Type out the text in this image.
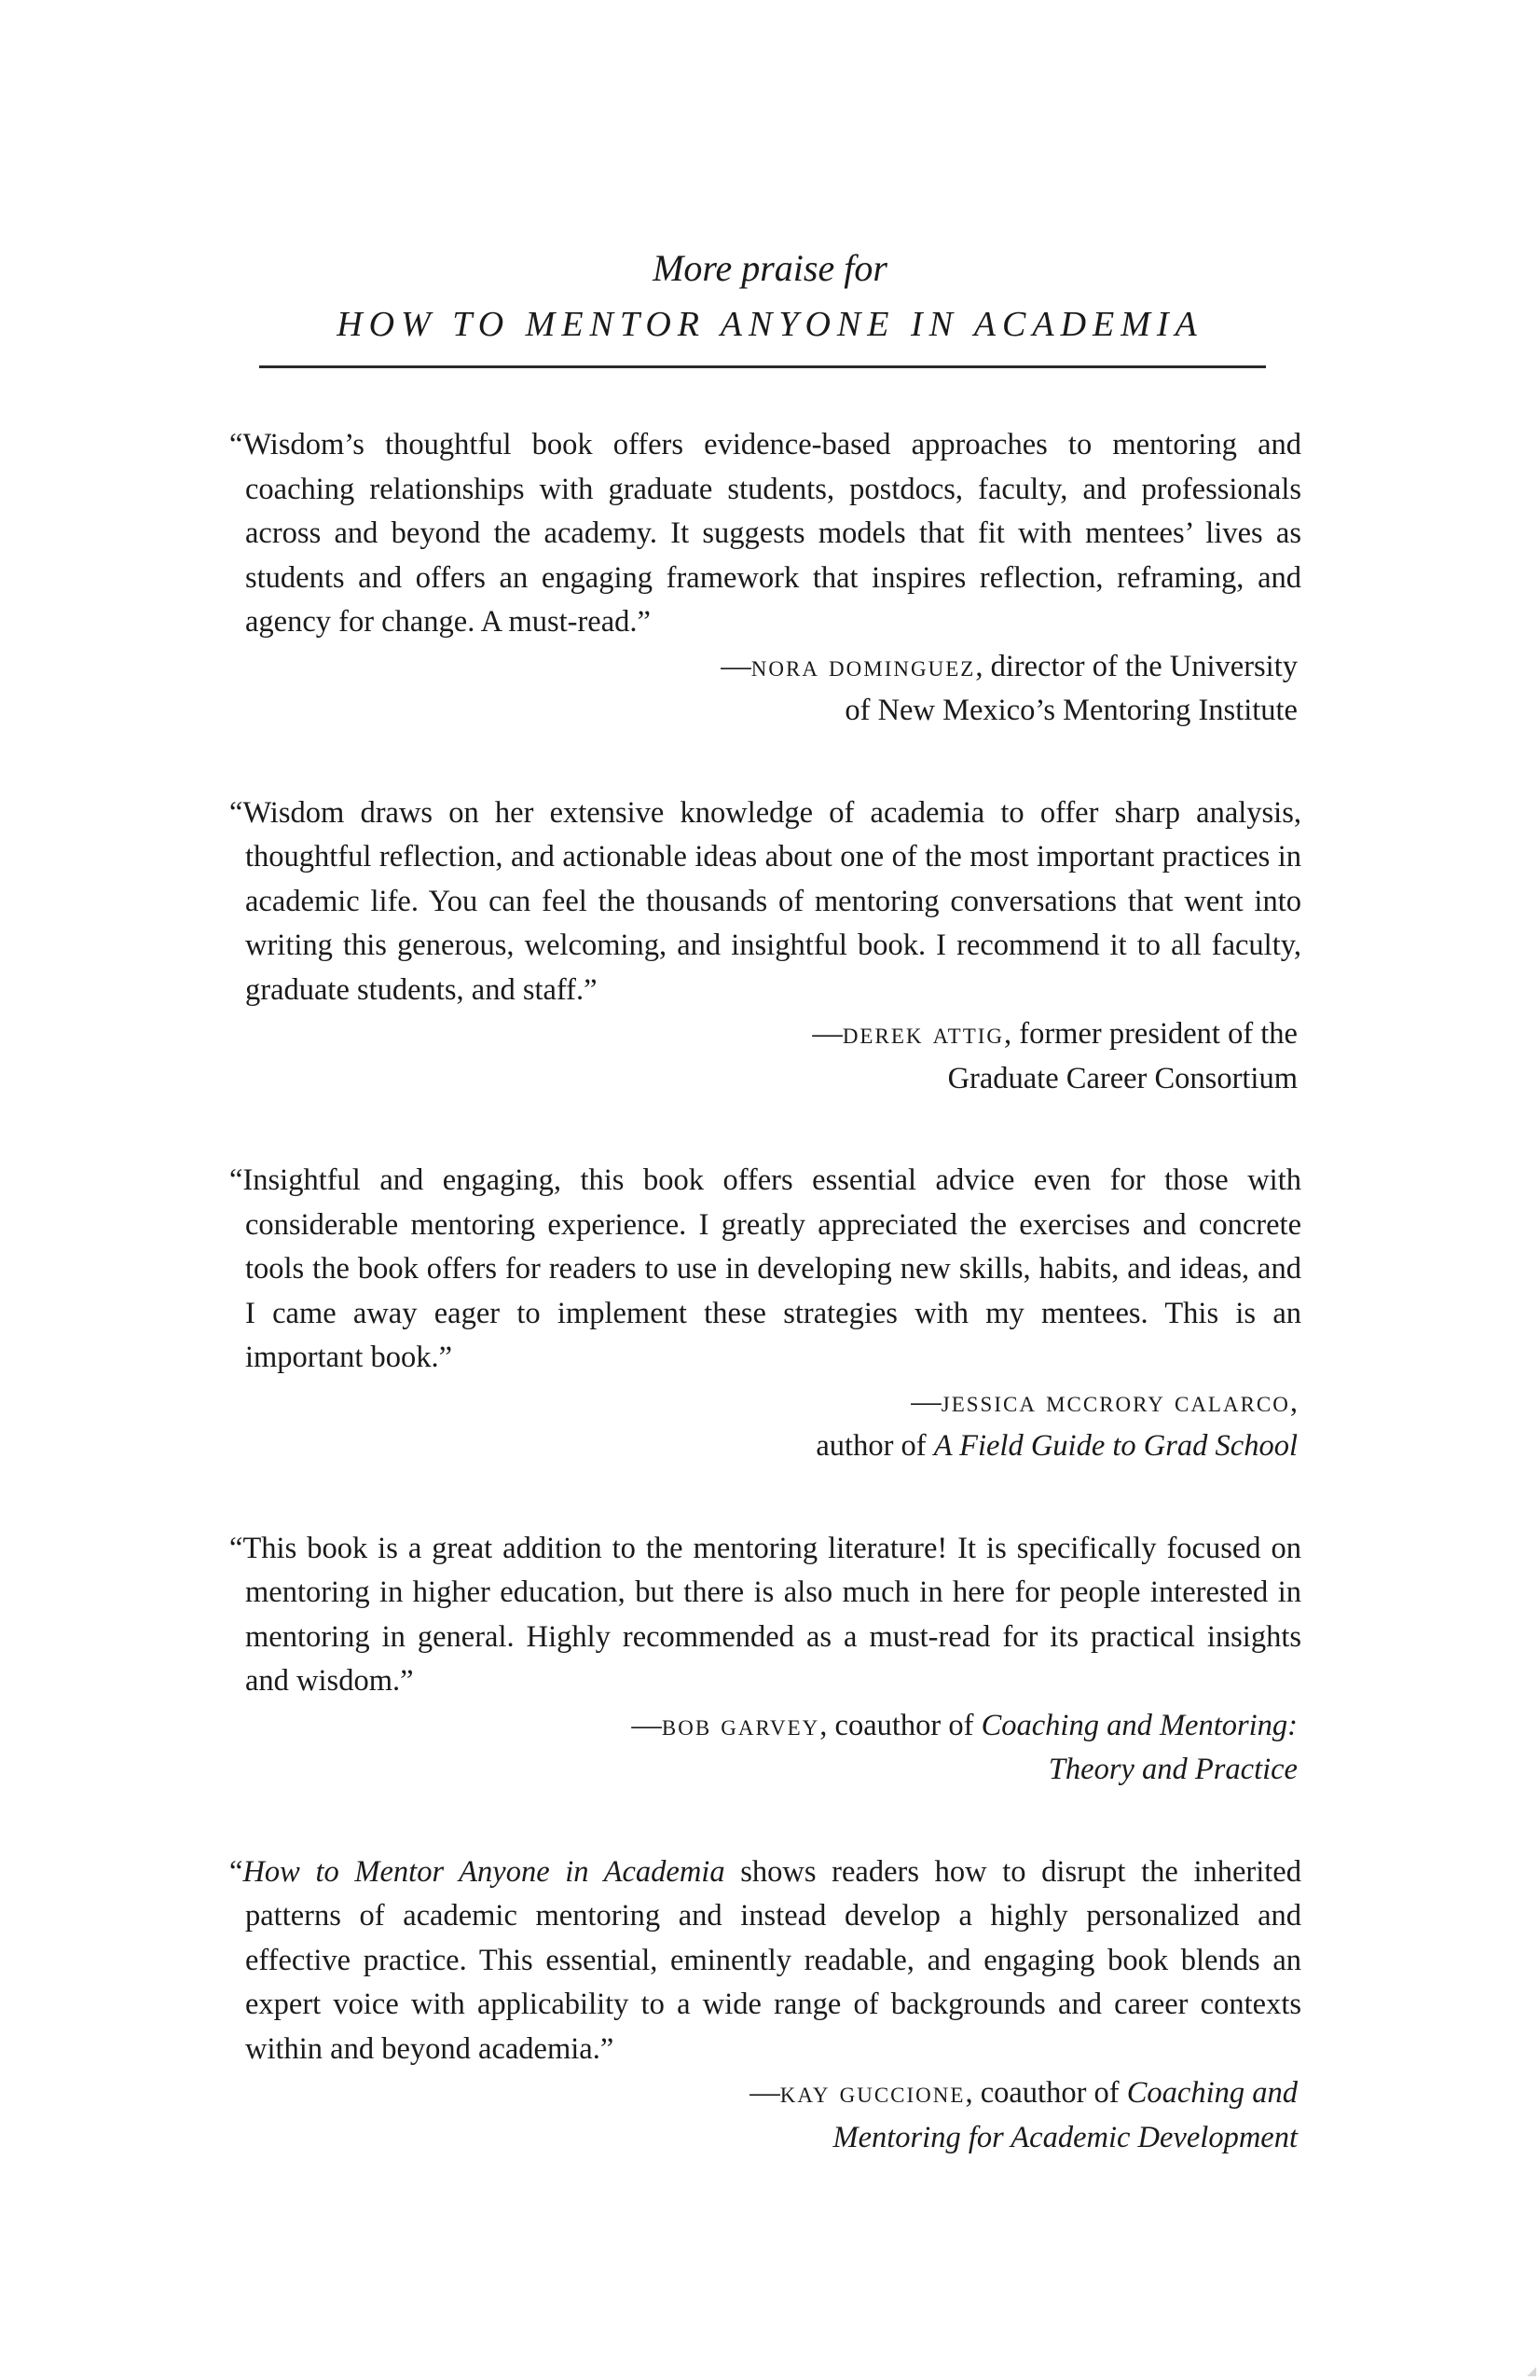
More praise for
HOW TO MENTOR ANYONE IN ACADEMIA

“Wisdom’s thoughtful book offers evidence-based approaches to mentoring and coaching relationships with graduate students, postdocs, faculty, and professionals across and beyond the academy. It suggests models that fit with mentees’ lives as students and offers an engaging framework that inspires reflection, reframing, and agency for change. A must-read.”

—nora dominguez, director of the University
of New Mexico’s Mentoring Institute

“Wisdom draws on her extensive knowledge of academia to offer sharp analysis, thoughtful reflection, and actionable ideas about one of the most important practices in academic life. You can feel the thousands of mentoring conversations that went into writing this generous, welcoming, and insightful book. I recommend it to all faculty, graduate students, and staff.”

—derek attig, former president of the
Graduate Career Consortium

“Insightful and engaging, this book offers essential advice even for those with considerable mentoring experience. I greatly appreciated the exercises and concrete tools the book offers for readers to use in developing new skills, habits, and ideas, and I came away eager to implement these strategies with my mentees. This is an important book.”

—jessica mccrory calarco,
author of A Field Guide to Grad School

“This book is a great addition to the mentoring literature! It is specifically focused on mentoring in higher education, but there is also much in here for people interested in mentoring in general. Highly recommended as a must-read for its practical insights and wisdom.”

—bob garvey, coauthor of Coaching and Mentoring:
Theory and Practice

“How to Mentor Anyone in Academia shows readers how to disrupt the inherited patterns of academic mentoring and instead develop a highly personalized and effective practice. This essential, eminently readable, and engaging book blends an expert voice with applicability to a wide range of backgrounds and career contexts within and beyond academia.”

—kay guccione, coauthor of Coaching and
Mentoring for Academic Development
